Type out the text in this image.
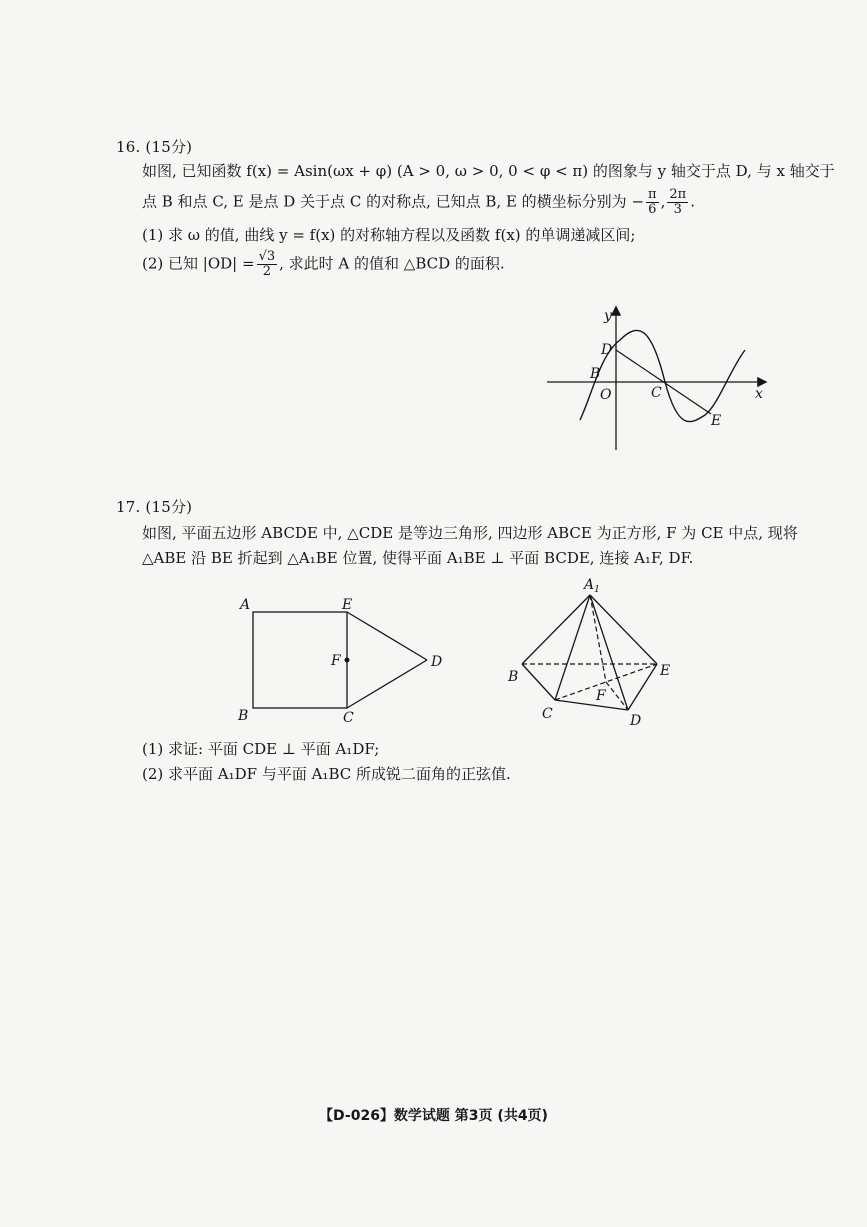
16. (15分)
如图, 已知函数 f(x) = Asin(ωx + φ) (A > 0, ω > 0, 0 < φ < π) 的图象与 y 轴交于点 D, 与 x 轴交于
点 B 和点 C, E 是点 D 关于点 C 的对称点, 已知点 B, E 的横坐标分别为 − $\frac{\pi}{6}$ , $\frac{2\pi}{3}$ .
(1) 求 ω 的值, 曲线 y = f(x) 的对称轴方程以及函数 f(x) 的单调递减区间;
(2) 已知 $|OD| = \frac{√3}{2}$ , 求此时 A 的值和 △BCD 的面积.
B
D
O	C
E
y
x
A	E
F	D
B	C
$A_1$
B	E
F
C	D
17. (15分)
如图, 平面五边形 ABCDE 中, △CDE 是等边三角形, 四边形 ABCE 为正方形, F 为 CE 中点, 现将
△ABE 沿 BE 折起到 △A₁BE 位置, 使得平面 A₁BE ⊥ 平面 BCDE, 连接 A₁F, DF.
(1) 求证: 平面 CDE ⊥ 平面 A₁DF;
(2) 求平面 A₁DF 与平面 A₁BC 所成锐二面角的正弦值.
【D-026】数学试题 第3页 (共4页)
